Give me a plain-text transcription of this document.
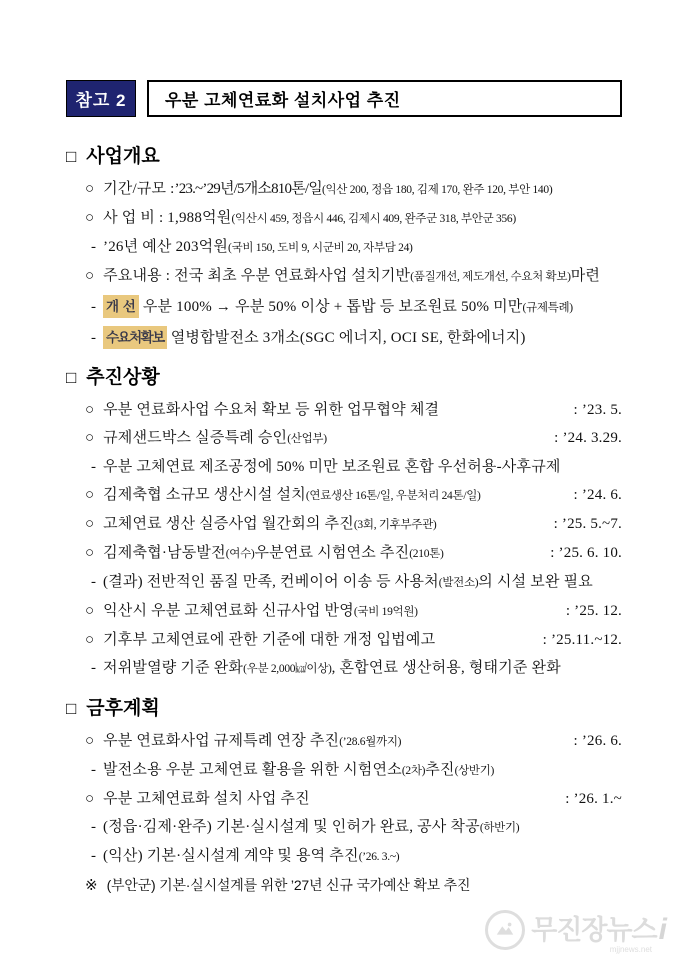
참고 2	우분 고체연료화 설치사업 추진
□ 사업개요
○ 기간/규모 : ’23.~’29년/5개소810톤/일 (익산 200, 정읍 180, 김제 170, 완주 120, 부안 140)
○ 사 업 비 : 1,988억원 (익산시 459, 정읍시 446, 김제시 409, 완주군 318, 부안군 356)
- ’26년 예산 203억원 (국비 150, 도비 9, 시군비 20, 자부담 24)
○ 주요내용 : 전국 최초 우분 연료화사업 설치기반 (품질개선, 제도개선, 수요처 확보) 마련
- 개 선 우분 100% → 우분 50% 이상 + 톱밥 등 보조원료 50% 미만 (규제특례)
- 수요처확보 열병합발전소 3개소 (SGC 에너지, OCI SE, 한화에너지)
□ 추진상황
○ 우분 연료화사업 수요처 확보 등 위한 업무협약 체결	: ’23. 5.
○ 규제샌드박스 실증특례 승인 (산업부)	: ’24. 3.29.
- 우분 고체연료 제조공정에 50% 미만 보조원료 혼합 우선허용-사후규제
○ 김제축협 소규모 생산시설 설치 (연료생산 16톤/일, 우분처리 24톤/일)	: ’24. 6.
○ 고체연료 생산 실증사업 월간회의 추진 (3회, 기후부주관)	: ’25. 5.~7.
○ 김제축협·남동발전 (여수) 우분연료 시험연소 추진 (210톤)	: ’25. 6. 10.
- (결과) 전반적인 품질 만족, 컨베이어 이송 등 사용처 (발전소) 의 시설 보완 필요
○ 익산시 우분 고체연료화 신규사업 반영 (국비 19억원)	: ’25. 12.
○ 기후부 고체연료에 관한 기준에 대한 개정 입법예고	: ’25.11.~12.
- 저위발열량 기준 완화 (우분 2,000㎉이상) , 혼합연료 생산허용, 형태기준 완화
□ 금후계획
○ 우분 연료화사업 규제특례 연장 추진 (’28.6월까지)	: ’26. 6.
- 발전소용 우분 고체연료 활용을 위한 시험연소 (2차) 추진 (상반기)
○ 우분 고체연료화 설치 사업 추진	: ’26. 1.~
- (정읍·김제·완주) 기본·실시설계 및 인허가 완료, 공사 착공 (하반기)
- (익산) 기본·실시설계 계약 및 용역 추진 (’26. 3.~)
※ (부안군) 기본·실시설계를 위한 ’27년 신규 국가예산 확보 추진
무진장뉴스i
mjjnews.net
